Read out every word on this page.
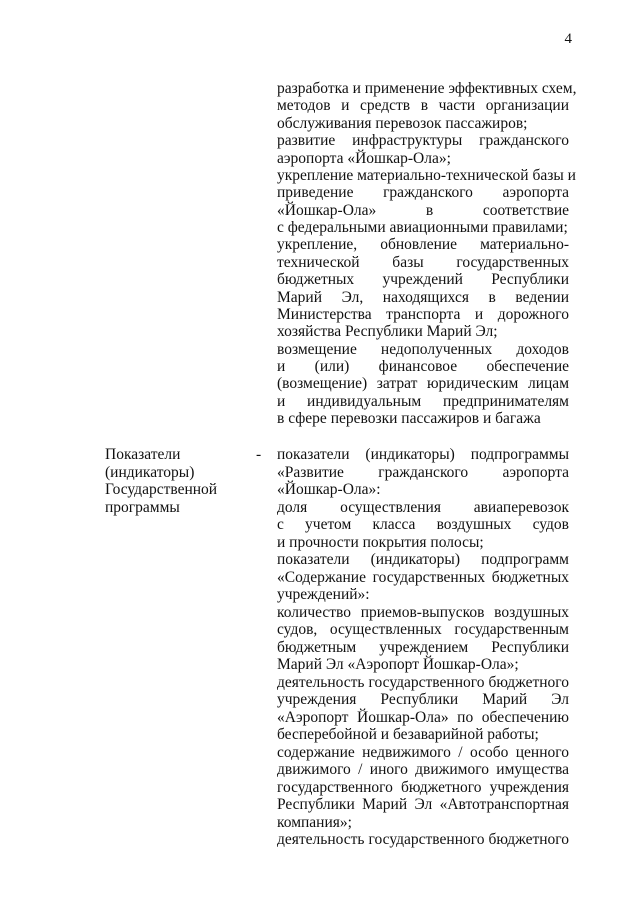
4
разработка и применение эффективных схем,
методов и средств в части организации
обслуживания перевозок пассажиров;
развитие инфраструктуры гражданского
аэропорта «Йошкар-Ола»;
укрепление материально-технической базы и
приведение гражданского аэропорта
«Йошкар-Ола» в соответствие
с федеральными авиационными правилами;
укрепление, обновление материально-
технической базы государственных
бюджетных учреждений Республики
Марий Эл, находящихся в ведении
Министерства транспорта и дорожного
хозяйства Республики Марий Эл;
возмещение недополученных доходов
и (или) финансовое обеспечение
(возмещение) затрат юридическим лицам
и индивидуальным предпринимателям
в сфере перевозки пассажиров и багажа
Показатели
(индикаторы)
Государственной
программы
- показатели (индикаторы) подпрограммы
«Развитие гражданского аэропорта
«Йошкар-Ола»:
доля осуществления авиаперевозок
с учетом класса воздушных судов
и прочности покрытия полосы;
показатели (индикаторы) подпрограмм
«Содержание государственных бюджетных
учреждений»:
количество приемов-выпусков воздушных
судов, осуществленных государственным
бюджетным учреждением Республики
Марий Эл «Аэропорт Йошкар-Ола»;
деятельность государственного бюджетного
учреждения Республики Марий Эл
«Аэропорт Йошкар-Ола» по обеспечению
бесперебойной и безаварийной работы;
содержание недвижимого / особо ценного
движимого / иного движимого имущества
государственного бюджетного учреждения
Республики Марий Эл «Автотранспортная
компания»;
деятельность государственного бюджетного
